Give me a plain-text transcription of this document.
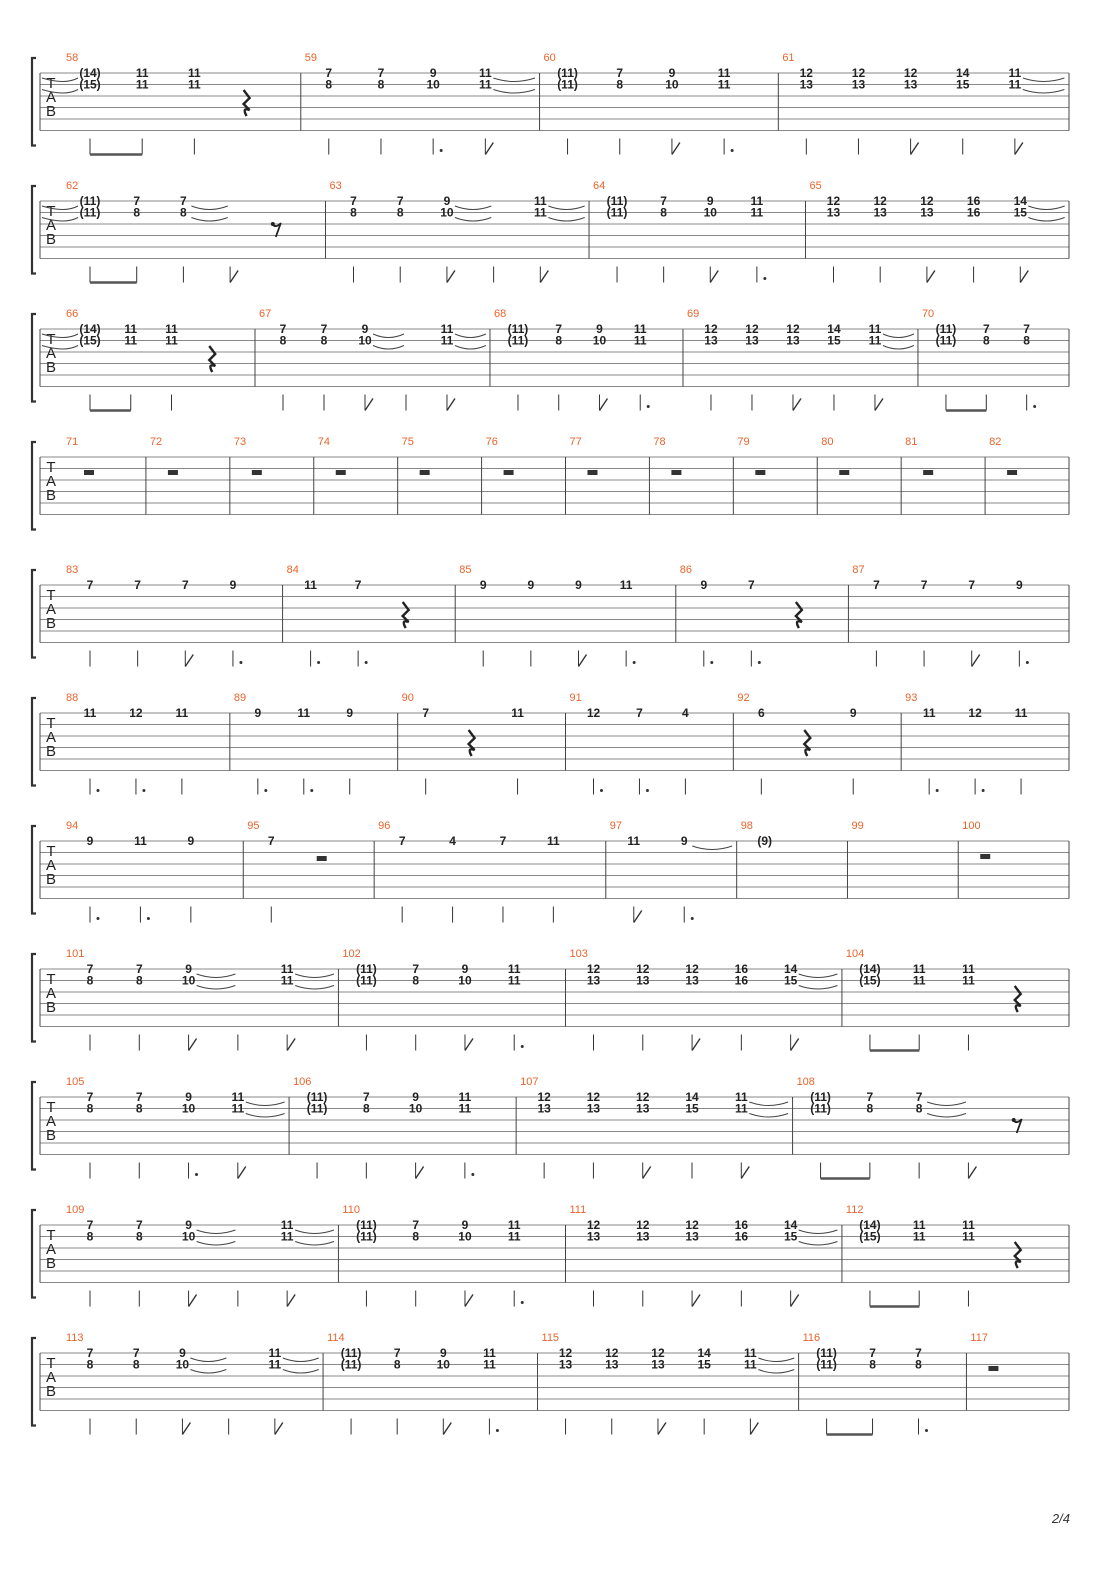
T
A
B
58
(14)
(15)
11
11
11
11
59
7
8
7
8
9
10
11
11
60
(11)
(11)
7
8
9
10
11
11
61
12
13
12
13
12
13
14
15
11
11
T
A
B
62
(11)
(11)
7
8
7
8
63
7
8
7
8
9
10
11
11
64
(11)
(11)
7
8
9
10
11
11
65
12
13
12
13
12
13
16
16
14
15
T
A
B
66
(14)
(15)
11
11
11
11
67
7
8
7
8
9
10
11
11
68
(11)
(11)
7
8
9
10
11
11
69
12
13
12
13
12
13
14
15
11
11
70
(11)
(11)
7
8
7
8
T
A
B
71	72	73	74	75	76	77	78	79	80	81	82
T
A
B
83
7	7	7	9
84
11	7
85
9	9	9	11
86
9	7
87
7	7	7	9
T
A
B
88
11	12	11
89
9	11	9
90
7	11
91
12	7	4
92
6	9
93
11	12	11
T
A
B
94
9	11	9
95
7
96
7	4	7	11
97
11	9
98
(9)
99	100
T
A
B
101
7
8
7
8
9
10
11
11
102
(11)
(11)
7
8
9
10
11
11
103
12
13
12
13
12
13
16
16
14
15
104
(14)
(15)
11
11
11
11
T
A
B
105
7
8
7
8
9
10
11
11
106
(11)
(11)
7
8
9
10
11
11
107
12
13
12
13
12
13
14
15
11
11
108
(11)
(11)
7
8
7
8
T
A
B
109
7
8
7
8
9
10
11
11
110
(11)
(11)
7
8
9
10
11
11
111
12
13
12
13
12
13
16
16
14
15
112
(14)
(15)
11
11
11
11
T
A
B
113
7
8
7
8
9
10
11
11
114
(11)
(11)
7
8
9
10
11
11
115
12
13
12
13
12
13
14
15
11
11
116
(11)
(11)
7
8
7
8
117
2/4
